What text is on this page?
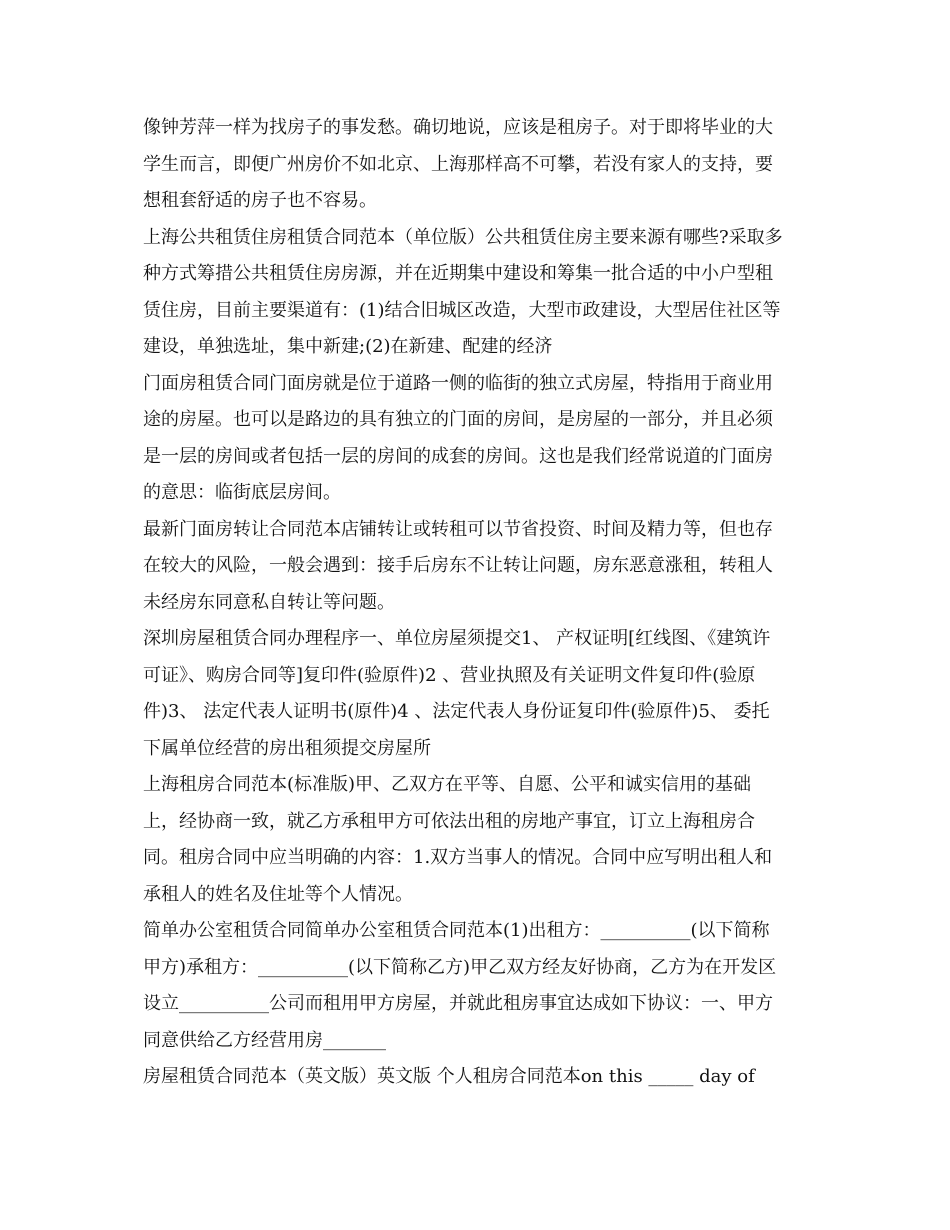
像钟芳萍一样为找房子的事发愁。确切地说，应该是租房子。对于即将毕业的大
学生而言，即便广州房价不如北京、上海那样高不可攀，若没有家人的支持，要
想租套舒适的房子也不容易。
上海公共租赁住房租赁合同范本（单位版）公共租赁住房主要来源有哪些?采取多
种方式筹措公共租赁住房房源，并在近期集中建设和筹集一批合适的中小户型租
赁住房，目前主要渠道有：(1)结合旧城区改造，大型市政建设，大型居住社区等
建设，单独选址，集中新建;(2)在新建、配建的经济
门面房租赁合同门面房就是位于道路一侧的临街的独立式房屋，特指用于商业用
途的房屋。也可以是路边的具有独立的门面的房间，是房屋的一部分，并且必须
是一层的房间或者包括一层的房间的成套的房间。这也是我们经常说道的门面房
的意思：临街底层房间。
最新门面房转让合同范本店铺转让或转租可以节省投资、时间及精力等，但也存
在较大的风险，一般会遇到：接手后房东不让转让问题，房东恶意涨租，转租人
未经房东同意私自转让等问题。
深圳房屋租赁合同办理程序一、单位房屋须提交1、 产权证明[红线图、《建筑许
可证》、购房合同等]复印件(验原件)2 、营业执照及有关证明文件复印件(验原
件)3、 法定代表人证明书(原件)4 、法定代表人身份证复印件(验原件)5、 委托
下属单位经营的房出租须提交房屋所
上海租房合同范本(标准版)甲、乙双方在平等、自愿、公平和诚实信用的基础
上，经协商一致，就乙方承租甲方可依法出租的房地产事宜，订立上海租房合
同。租房合同中应当明确的内容：1.双方当事人的情况。合同中应写明出租人和
承租人的姓名及住址等个人情况。
简单办公室租赁合同简单办公室租赁合同范本(1)出租方：__________(以下简称
甲方)承租方：__________(以下简称乙方)甲乙双方经友好协商，乙方为在开发区
设立__________公司而租用甲方房屋，并就此租房事宜达成如下协议：一、甲方
同意供给乙方经营用房_______
房屋租赁合同范本（英文版）英文版 个人租房合同范本on this _____ day of
